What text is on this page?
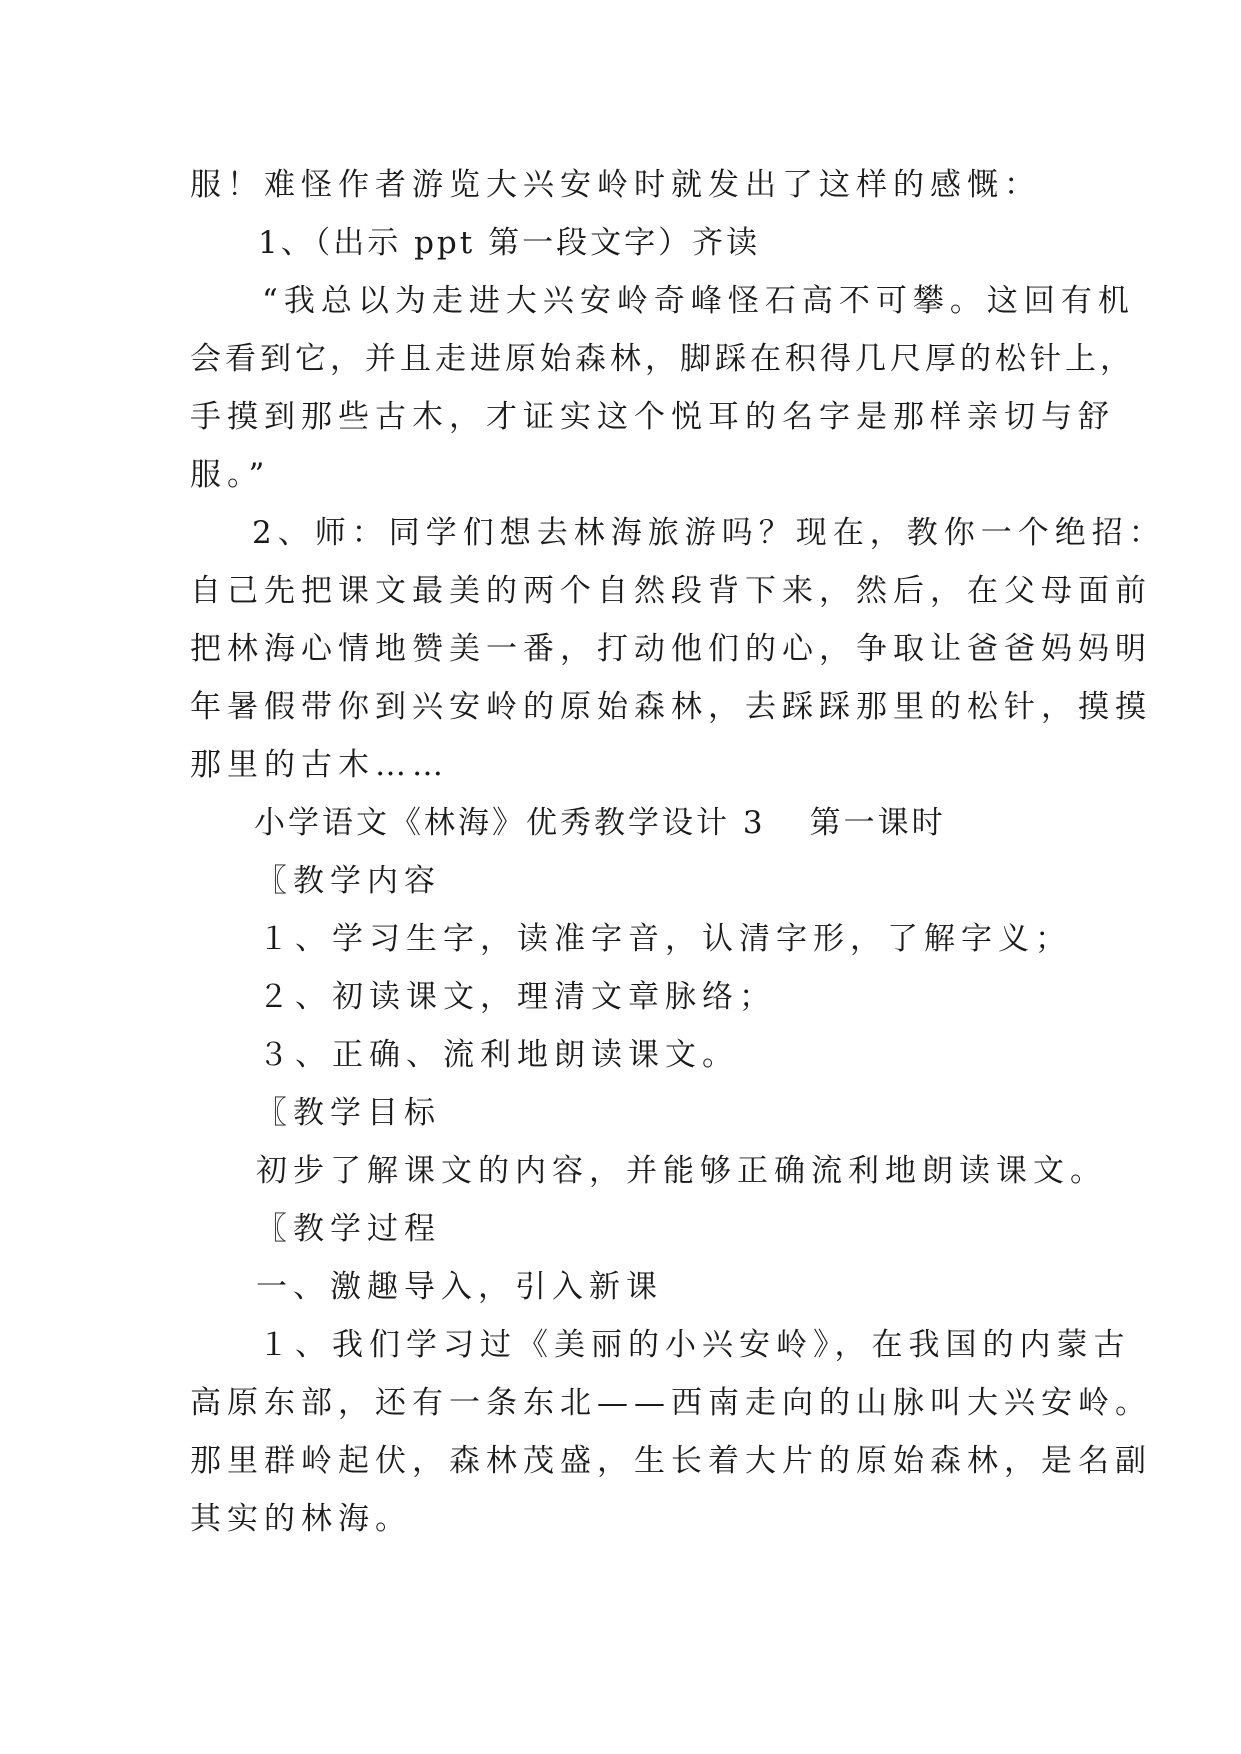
服！难怪作者游览大兴安岭时就发出了这样的感慨：
1、（出示 ppt 第一段文字）齐读
“我总以为走进大兴安岭奇峰怪石高不可攀。这回有机
会看到它，并且走进原始森林，脚踩在积得几尺厚的松针上，
手摸到那些古木，才证实这个悦耳的名字是那样亲切与舒
服。”
2、师：同学们想去林海旅游吗？现在，教你一个绝招：
自己先把课文最美的两个自然段背下来，然后，在父母面前
把林海心情地赞美一番，打动他们的心，争取让爸爸妈妈明
年暑假带你到兴安岭的原始森林，去踩踩那里的松针，摸摸
那里的古木……
小学语文《林海》优秀教学设计 3 第一课时
〖教学内容
１、学习生字，读准字音，认清字形，了解字义；
２、初读课文，理清文章脉络；
３、正确、流利地朗读课文。
〖教学目标
初步了解课文的内容，并能够正确流利地朗读课文。
〖教学过程
一、激趣导入，引入新课
１、我们学习过《美丽的小兴安岭》，在我国的内蒙古
高原东部，还有一条东北——西南走向的山脉叫大兴安岭。
那里群岭起伏，森林茂盛，生长着大片的原始森林，是名副
其实的林海。
